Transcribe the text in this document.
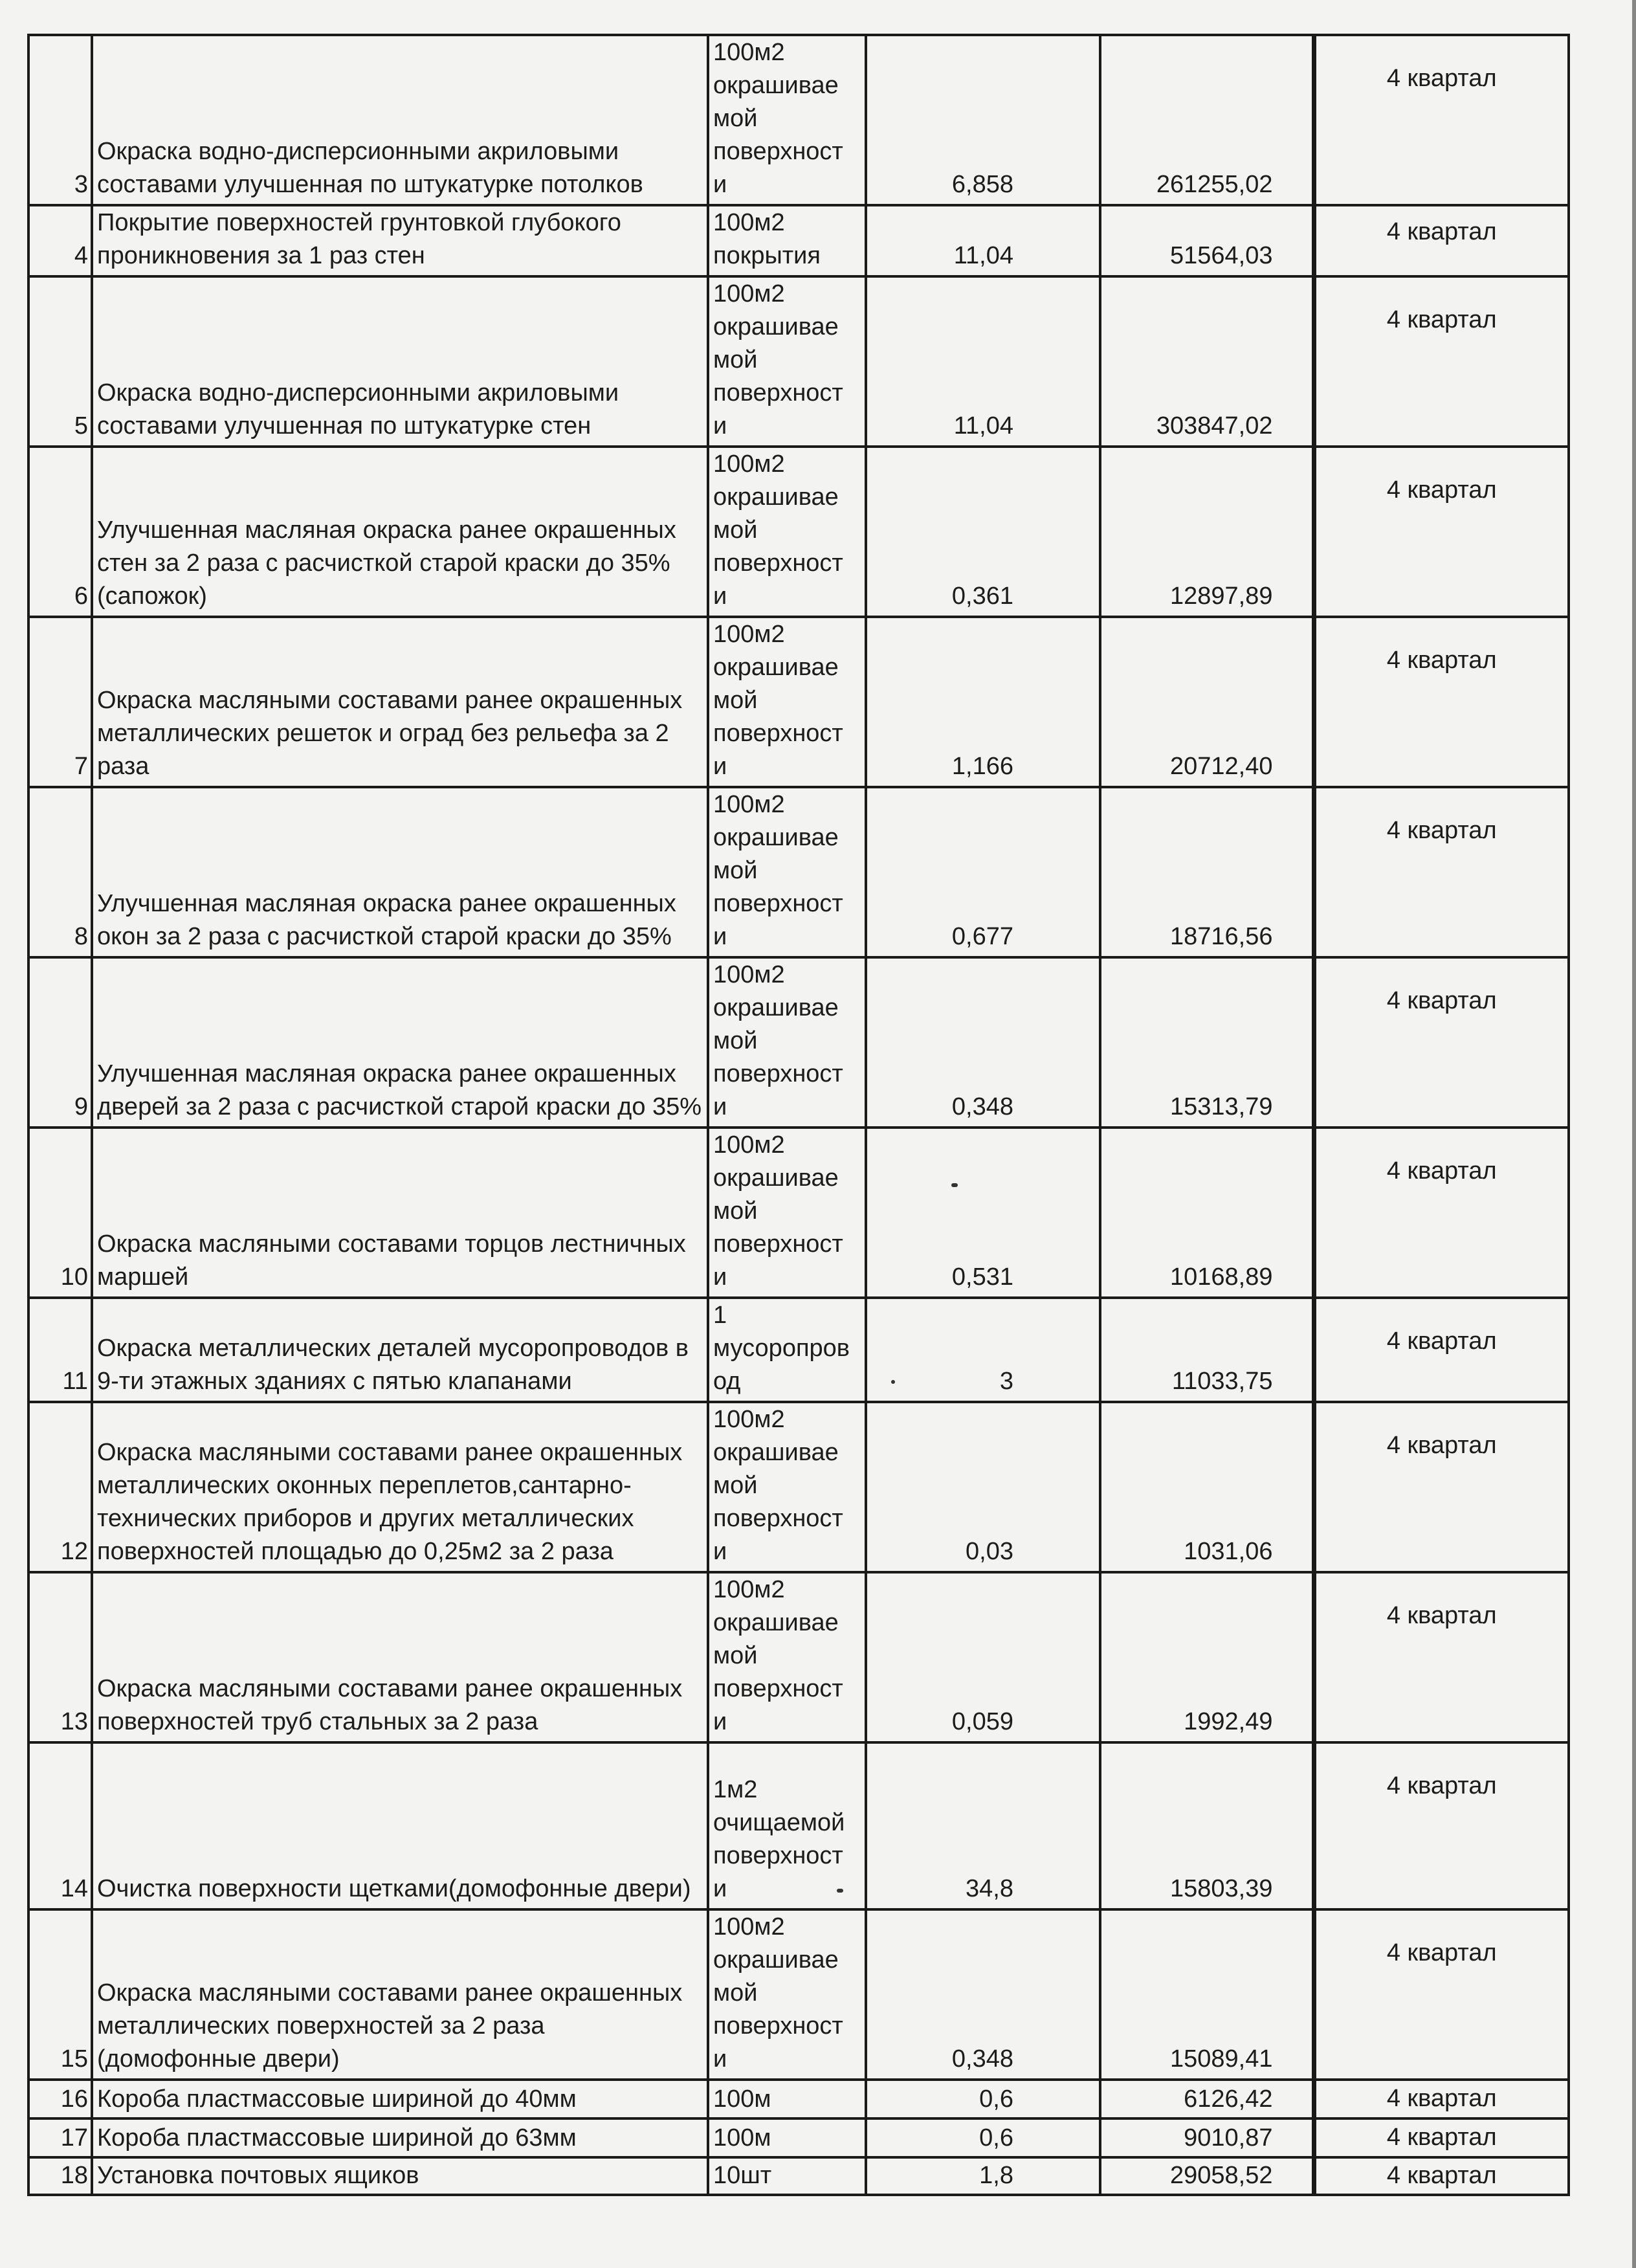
3	Окраска водно-дисперсионными акриловыми составами улучшенная по штукатурке потолков	100м2
окрашивае
мой
поверхност
и	6,858	261255,02	4 квартал
4	Покрытие поверхностей грунтовкой глубокого проникновения за 1 раз стен	100м2
покрытия	11,04	51564,03	4 квартал
5	Окраска водно-дисперсионными акриловыми составами улучшенная по штукатурке стен	100м2
окрашивае
мой
поверхност
и	11,04	303847,02	4 квартал
6	Улучшенная масляная окраска ранее окрашенных стен за 2 раза с расчисткой старой краски до 35%(сапожок)	100м2
окрашивае
мой
поверхност
и	0,361	12897,89	4 квартал
7	Окраска масляными составами ранее окрашенных металлических решеток и оград без рельефа за 2 раза	100м2
окрашивае
мой
поверхност
и	1,166	20712,40	4 квартал
8	Улучшенная масляная окраска ранее окрашенных окон за 2 раза с расчисткой старой краски до 35%	100м2
окрашивае
мой
поверхност
и	0,677	18716,56	4 квартал
9	Улучшенная масляная окраска ранее окрашенных дверей за 2 раза с расчисткой старой краски до 35%	100м2
окрашивае
мой
поверхност
и	0,348	15313,79	4 квартал
10	Окраска масляными составами торцов лестничных маршей	100м2
окрашивае
мой
поверхност
и	0,531	10168,89	4 квартал
11	Окраска металлических деталей мусоропроводов в 9-ти этажных зданиях с пятью клапанами	1
мусоропров
од	3	11033,75	4 квартал
12	Окраска масляными составами ранее окрашенных металлических оконных переплетов,сантарно-технических приборов и других металлических поверхностей площадью до 0,25м2 за 2 раза	100м2
окрашивае
мой
поверхност
и	0,03	1031,06	4 квартал
13	Окраска масляными составами ранее окрашенных поверхностей труб стальных за 2 раза	100м2
окрашивае
мой
поверхност
и	0,059	1992,49	4 квартал
14	Очистка поверхности щетками(домофонные двери)	1м2
очищаемой
поверхност
и	34,8	15803,39	4 квартал
15	Окраска масляными составами ранее окрашенных металлических поверхностей за 2 раза (домофонные двери)	100м2
окрашивае
мой
поверхност
и	0,348	15089,41	4 квартал
16	Короба пластмассовые шириной до 40мм	100м	0,6	6126,42	4 квартал
17	Короба пластмассовые шириной до 63мм	100м	0,6	9010,87	4 квартал
18	Установка почтовых ящиков	10шт	1,8	29058,52	4 квартал
